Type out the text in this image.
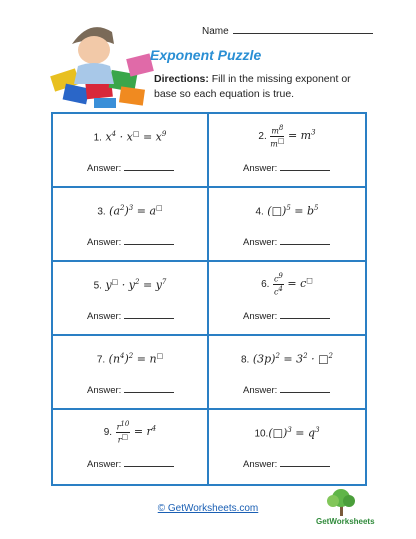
Name
Exponent Puzzle
Directions: Fill in the missing exponent or base so each equation is true.
1. $x^4 \cdot x^□ = x^9$
Answer:
2. $\frac{m^8}{m^□} = m^3$
Answer:
3. $(a^2)^3 = a^□$
Answer:
4. (□)$^5$ = $b^5$
Answer:
5. $y^□ \cdot y^2 = y^7$
Answer:
6. $\frac{c^9}{c^4} = c^□$
Answer:
7. $(n^4)^2 = n^□$
Answer:
8. $(3p)^2 = 3^2$ · □$^2$
Answer:
9. $\frac{r^{10}}{r^□} = r^4$
Answer:
10.(□)$^3$ = $q^3$
Answer:
© GetWorksheets.com
GetWorksheets
